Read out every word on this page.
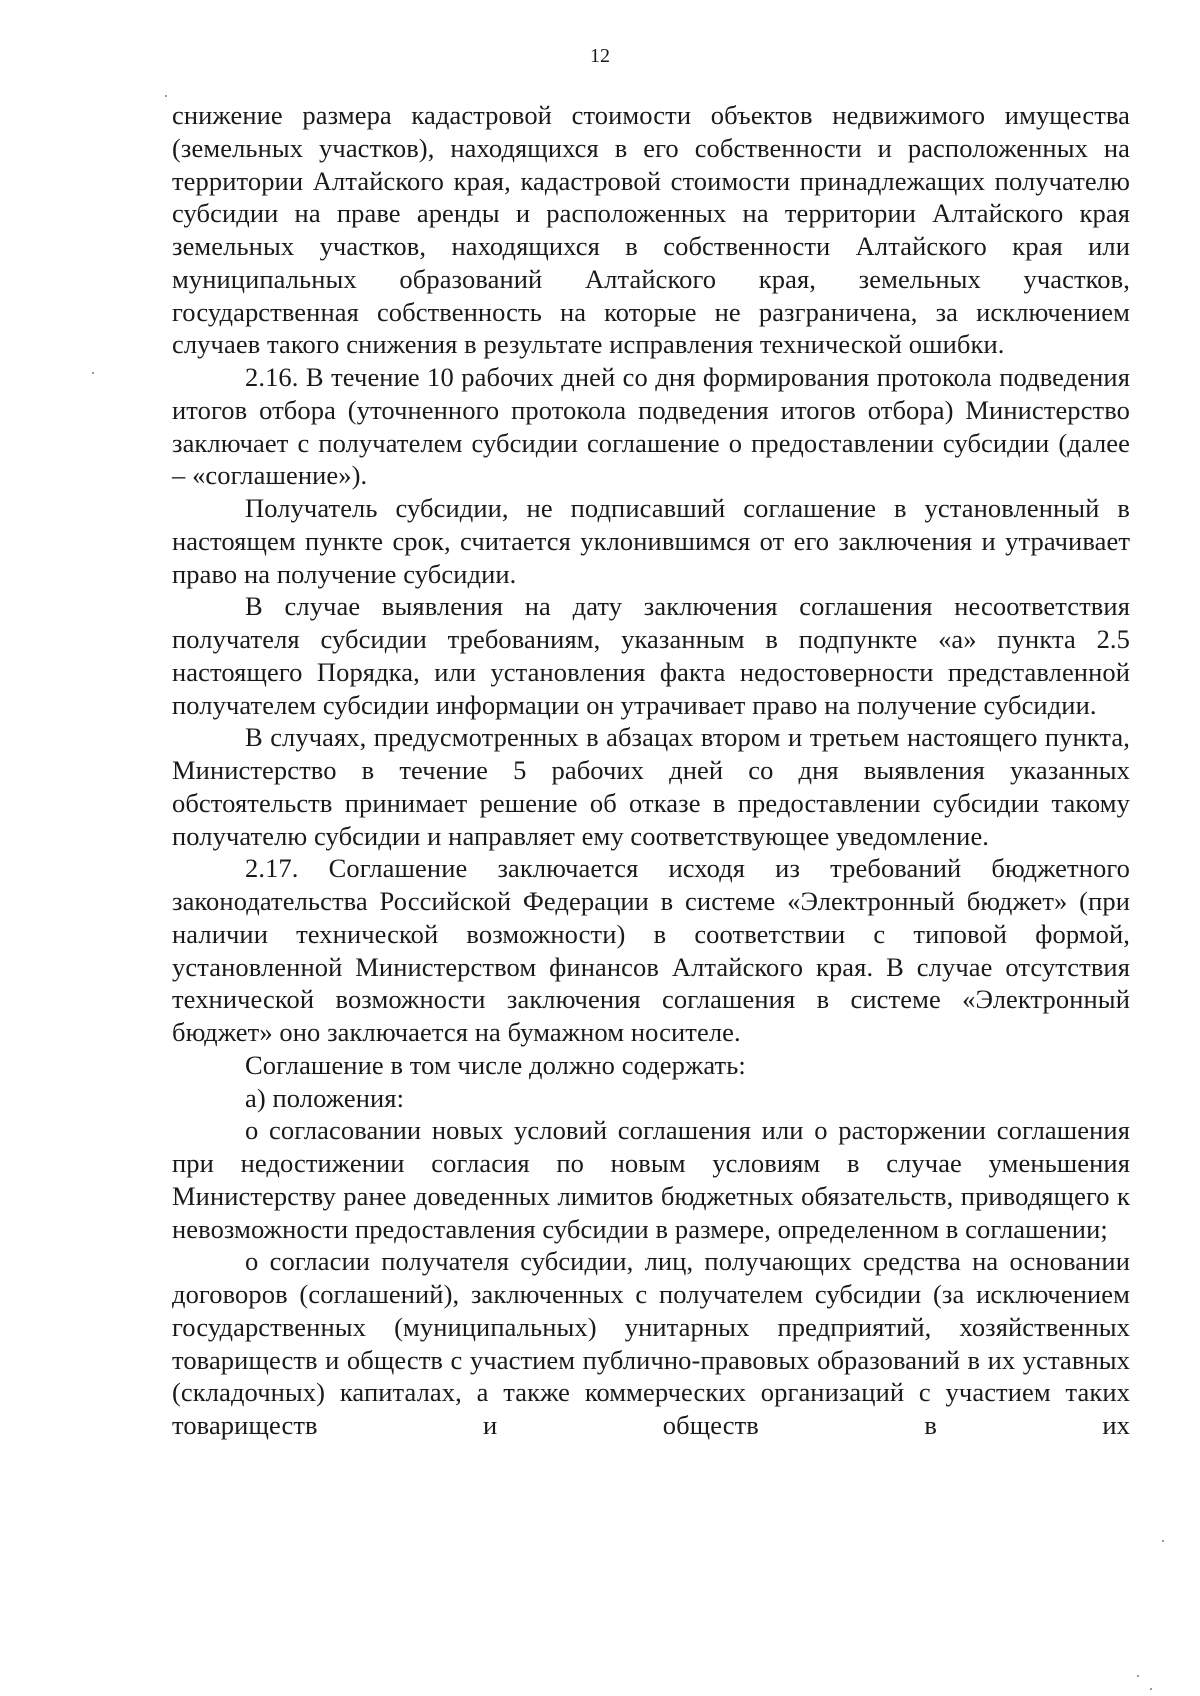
12

снижение размера кадастровой стоимости объектов недвижимого имущества (земельных участков), находящихся в его собственности и расположенных на территории Алтайского края, кадастровой стоимости принадлежащих получателю субсидии на праве аренды и расположенных на территории Алтайского края земельных участков, находящихся в собственности Алтайского края или муниципальных образований Алтайского края, земельных участков, государственная собственность на которые не разграничена, за исключением случаев такого снижения в результате исправления технической ошибки.

2.16. В течение 10 рабочих дней со дня формирования протокола подведения итогов отбора (уточненного протокола подведения итогов отбора) Министерство заключает с получателем субсидии соглашение о предоставлении субсидии (далее – «соглашение»).

Получатель субсидии, не подписавший соглашение в установленный в настоящем пункте срок, считается уклонившимся от его заключения и утрачивает право на получение субсидии.

В случае выявления на дату заключения соглашения несоответствия получателя субсидии требованиям, указанным в подпункте «а» пункта 2.5 настоящего Порядка, или установления факта недостоверности представленной получателем субсидии информации он утрачивает право на получение субсидии.

В случаях, предусмотренных в абзацах втором и третьем настоящего пункта, Министерство в течение 5 рабочих дней со дня выявления указанных обстоятельств принимает решение об отказе в предоставлении субсидии такому получателю субсидии и направляет ему соответствующее уведомление.

2.17. Соглашение заключается исходя из требований бюджетного законодательства Российской Федерации в системе «Электронный бюджет» (при наличии технической возможности) в соответствии с типовой формой, установленной Министерством финансов Алтайского края. В случае отсутствия технической возможности заключения соглашения в системе «Электронный бюджет» оно заключается на бумажном носителе.

Соглашение в том числе должно содержать:

а) положения:

о согласовании новых условий соглашения или о расторжении соглашения при недостижении согласия по новым условиям в случае уменьшения Министерству ранее доведенных лимитов бюджетных обязательств, приводящего к невозможности предоставления субсидии в размере, определенном в соглашении;

о согласии получателя субсидии, лиц, получающих средства на основании договоров (соглашений), заключенных с получателем субсидии (за исключением государственных (муниципальных) унитарных предприятий, хозяйственных товариществ и обществ с участием публично-правовых образований в их уставных (складочных) капиталах, а также коммерческих организаций с участием таких товариществ и обществ в их
